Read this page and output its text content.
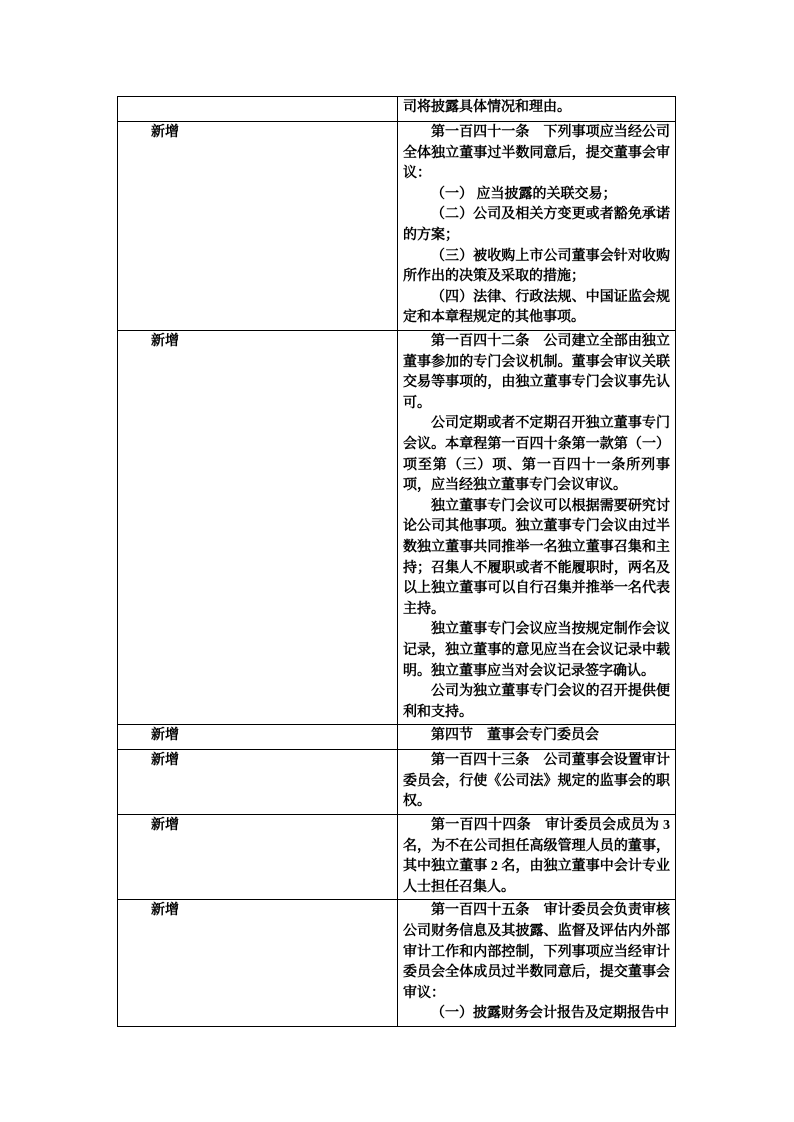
	司将披露具体情况和理由。

新增	第一百四十一条　下列事项应当经公司全体独立董事过半数同意后，提交董事会审议：

（一） 应当披露的关联交易；

（二）公司及相关方变更或者豁免承诺的方案；

（三）被收购上市公司董事会针对收购所作出的决策及采取的措施；

（四）法律、行政法规、中国证监会规定和本章程规定的其他事项。

新增	第一百四十二条　公司建立全部由独立董事参加的专门会议机制。董事会审议关联交易等事项的，由独立董事专门会议事先认可。

公司定期或者不定期召开独立董事专门会议。本章程第一百四十条第一款第（一）项至第（三）项、第一百四十一条所列事项，应当经独立董事专门会议审议。

独立董事专门会议可以根据需要研究讨论公司其他事项。独立董事专门会议由过半数独立董事共同推举一名独立董事召集和主持；召集人不履职或者不能履职时，两名及以上独立董事可以自行召集并推举一名代表主持。

独立董事专门会议应当按规定制作会议记录，独立董事的意见应当在会议记录中载明。独立董事应当对会议记录签字确认。

公司为独立董事专门会议的召开提供便利和支持。

新增	第四节　董事会专门委员会

新增	第一百四十三条　公司董事会设置审计委员会，行使《公司法》规定的监事会的职权。

新增	第一百四十四条　审计委员会成员为 3 名，为不在公司担任高级管理人员的董事，其中独立董事 2 名，由独立董事中会计专业人士担任召集人。

新增	第一百四十五条　审计委员会负责审核公司财务信息及其披露、监督及评估内外部审计工作和内部控制，下列事项应当经审计委员会全体成员过半数同意后，提交董事会审议：

（一）披露财务会计报告及定期报告中
